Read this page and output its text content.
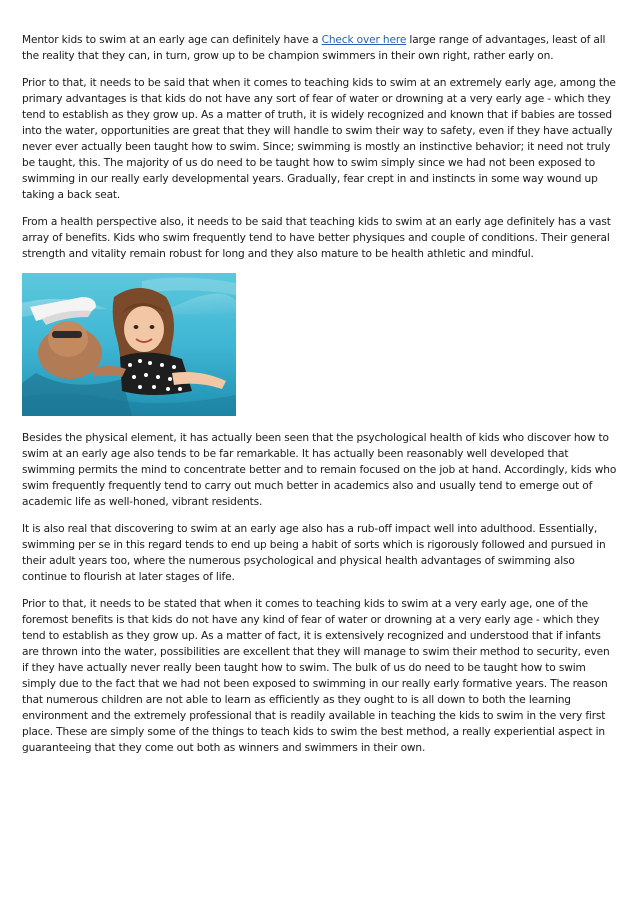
Mentor kids to swim at an early age can definitely have a Check over here large range of advantages, least of all the reality that they can, in turn, grow up to be champion swimmers in their own right, rather early on.

Prior to that, it needs to be said that when it comes to teaching kids to swim at an extremely early age, among the primary advantages is that kids do not have any sort of fear of water or drowning at a very early age - which they tend to establish as they grow up. As a matter of truth, it is widely recognized and known that if babies are tossed into the water, opportunities are great that they will handle to swim their way to safety, even if they have actually never ever actually been taught how to swim. Since; swimming is mostly an instinctive behavior; it need not truly be taught, this. The majority of us do need to be taught how to swim simply since we had not been exposed to swimming in our really early developmental years. Gradually, fear crept in and instincts in some way wound up taking a back seat.

From a health perspective also, it needs to be said that teaching kids to swim at an early age definitely has a vast array of benefits. Kids who swim frequently tend to have better physiques and couple of conditions. Their general strength and vitality remain robust for long and they also mature to be health athletic and mindful.

Besides the physical element, it has actually been seen that the psychological health of kids who discover how to swim at an early age also tends to be far remarkable. It has actually been reasonably well developed that swimming permits the mind to concentrate better and to remain focused on the job at hand. Accordingly, kids who swim frequently frequently tend to carry out much better in academics also and usually tend to emerge out of academic life as well-honed, vibrant residents.

It is also real that discovering to swim at an early age also has a rub-off impact well into adulthood. Essentially, swimming per se in this regard tends to end up being a habit of sorts which is rigorously followed and pursued in their adult years too, where the numerous psychological and physical health advantages of swimming also continue to flourish at later stages of life.

Prior to that, it needs to be stated that when it comes to teaching kids to swim at a very early age, one of the foremost benefits is that kids do not have any kind of fear of water or drowning at a very early age - which they tend to establish as they grow up. As a matter of fact, it is extensively recognized and understood that if infants are thrown into the water, possibilities are excellent that they will manage to swim their method to security, even if they have actually never really been taught how to swim. The bulk of us do need to be taught how to swim simply due to the fact that we had not been exposed to swimming in our really early formative years. The reason that numerous children are not able to learn as efficiently as they ought to is all down to both the learning environment and the extremely professional that is readily available in teaching the kids to swim in the very first place. These are simply some of the things to teach kids to swim the best method, a really experiential aspect in guaranteeing that they come out both as winners and swimmers in their own.
